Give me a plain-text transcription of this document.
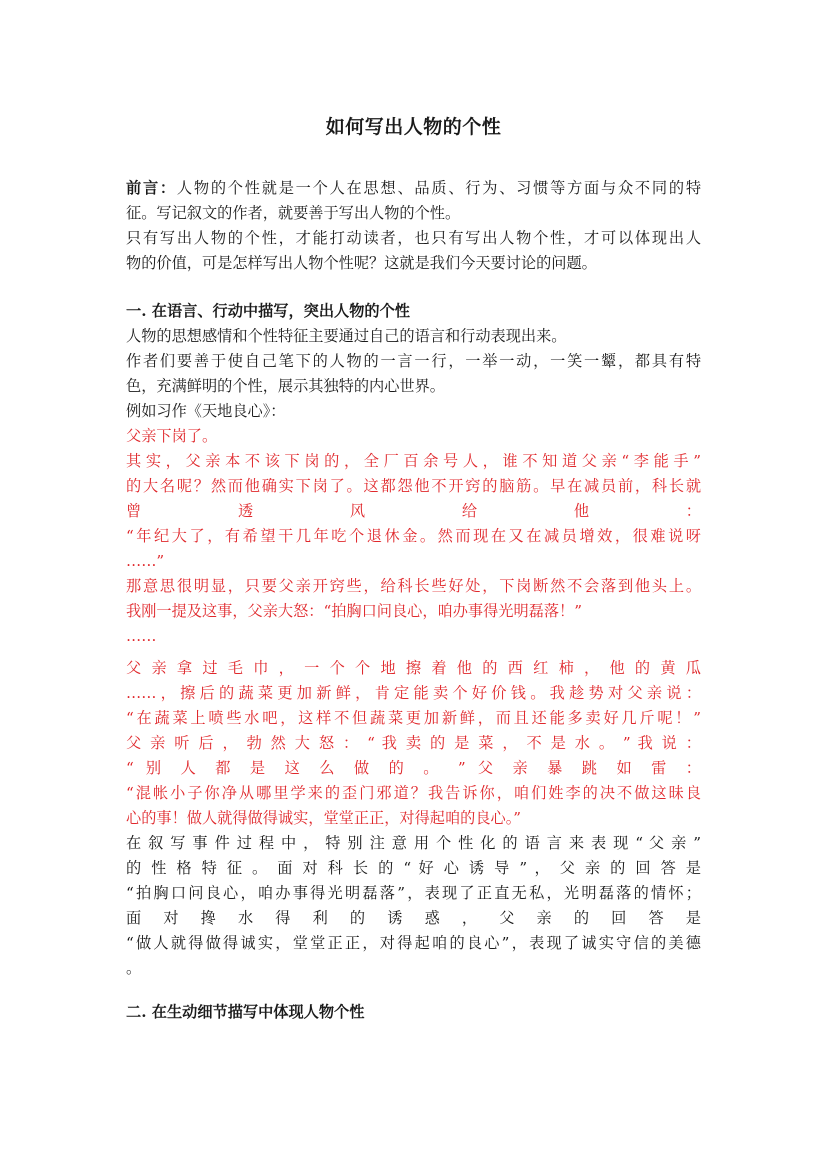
如何写出人物的个性
前言：人物的个性就是一个人在思想、品质、行为、习惯等方面与众不同的特
征。写记叙文的作者，就要善于写出人物的个性。
只有写出人物的个性，才能打动读者，也只有写出人物个性，才可以体现出人
物的价值，可是怎样写出人物个性呢？这就是我们今天要讨论的问题。
一. 在语言、行动中描写，突出人物的个性
人物的思想感情和个性特征主要通过自己的语言和行动表现出来。
作者们要善于使自己笔下的人物的一言一行，一举一动，一笑一颦，都具有特
色，充满鲜明的个性，展示其独特的内心世界。
例如习作《天地良心》：
父亲下岗了。
其实，父亲本不该下岗的，全厂百余号人，谁不知道父亲“李能手”
的大名呢？然而他确实下岗了。这都怨他不开窍的脑筋。早在减员前，科长就
曾 透 风 给 他 ：
“年纪大了，有希望干几年吃个退休金。然而现在又在减员增效，很难说呀
……”
那意思很明显，只要父亲开窍些，给科长些好处，下岗断然不会落到他头上。
我刚一提及这事，父亲大怒：“拍胸口问良心，咱办事得光明磊落！”
……
父 亲 拿 过 毛 巾 ， 一 个 个 地 擦 着 他 的 西 红 柿 ， 他 的 黄 瓜
……，擦后的蔬菜更加新鲜，肯定能卖个好价钱。我趁势对父亲说：
“在蔬菜上喷些水吧，这样不但蔬菜更加新鲜，而且还能多卖好几斤呢！”
父 亲 听 后 ， 勃 然 大 怒 ： “ 我 卖 的 是 菜 ， 不 是 水 。 ” 我 说 ：
“ 别 人 都 是 这 么 做 的 。 ” 父 亲 暴 跳 如 雷 ：
“混帐小子你净从哪里学来的歪门邪道？我告诉你，咱们姓李的决不做这昧良
心的事！做人就得做得诚实，堂堂正正，对得起咱的良心。”
在 叙 写 事 件 过 程 中 ， 特 别 注 意 用 个 性 化 的 语 言 来 表 现 “ 父 亲 ”
的 性 格 特 征 。 面 对 科 长 的 “ 好 心 诱 导 ” ， 父 亲 的 回 答 是
“拍胸口问良心，咱办事得光明磊落”，表现了正直无私，光明磊落的情怀；
面 对 搀 水 得 利 的 诱 惑 ， 父 亲 的 回 答 是
“做人就得做得诚实，堂堂正正，对得起咱的良心”，表现了诚实守信的美德
。
二. 在生动细节描写中体现人物个性
